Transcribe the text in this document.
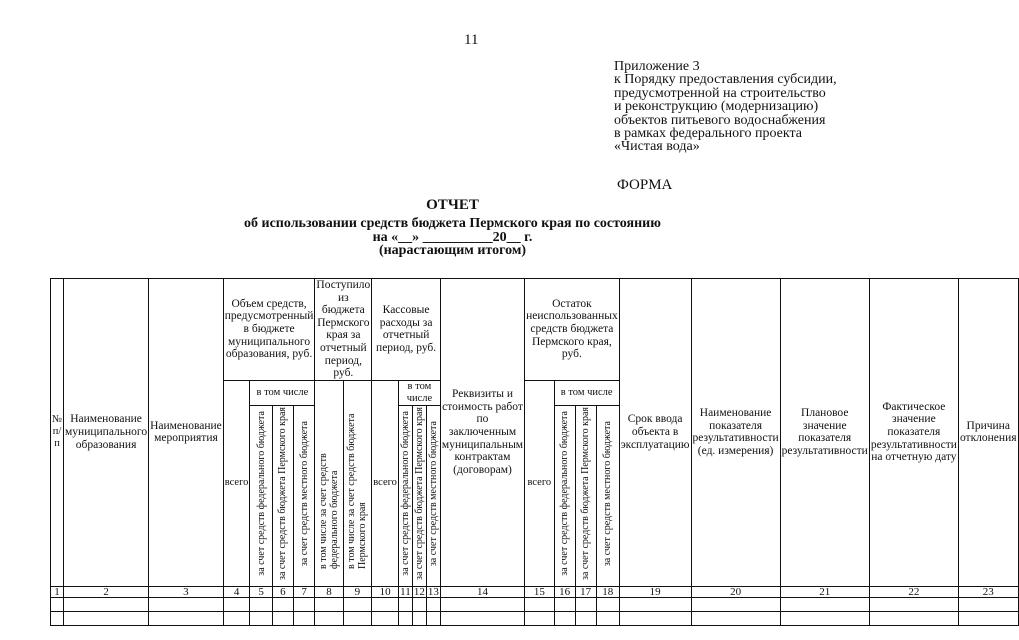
11
Приложение 3
к Порядку предоставления субсидии,
предусмотренной на строительство
и реконструкцию (модернизацию)
объектов питьевого водоснабжения
в рамках федерального проекта
«Чистая вода»
ФОРМА
ОТЧЕТ
об использовании средств бюджета Пермского края по состоянию
на «__» __________20__ г.
(нарастающим итогом)
№ п/п	Наименование муниципального образования	Наименование мероприятия	Объем средств, предусмотренный в бюджете муниципального образования, руб.				Поступило из бюджета Пермского края за отчетный период, руб.		Кассовые расходы за отчетный период, руб.				Реквизиты и стоимость работ по заключенным муниципальным контрактам (договорам)	Остаток неиспользованных средств бюджета Пермского края, руб.				Срок ввода объекта в эксплуатацию	Наименование показателя результативности (ед. измерения)	Плановое значение показателя результативности	Фактическое значение показателя результативности на отчетную дату	Причина отклонения
			всего	в том числе			в том числе за счет средств федерального бюджета	в том числе за счет средств бюджета Пермского края	всего	в том числе				всего	в том числе							
				за счет средств федерального бюджета	за счет средств бюджета Пермского края	за счет средств местного бюджета				за счет средств федерального бюджета	за счет средств бюджета Пермского края	за счет средств местного бюджета			за счет средств федерального бюджета	за счет средств бюджета Пермского края	за счет средств местного бюджета					
1	2	3	4	5	6	7	8	9	10	11	12	13	14	15	16	17	18	19	20	21	22	23
